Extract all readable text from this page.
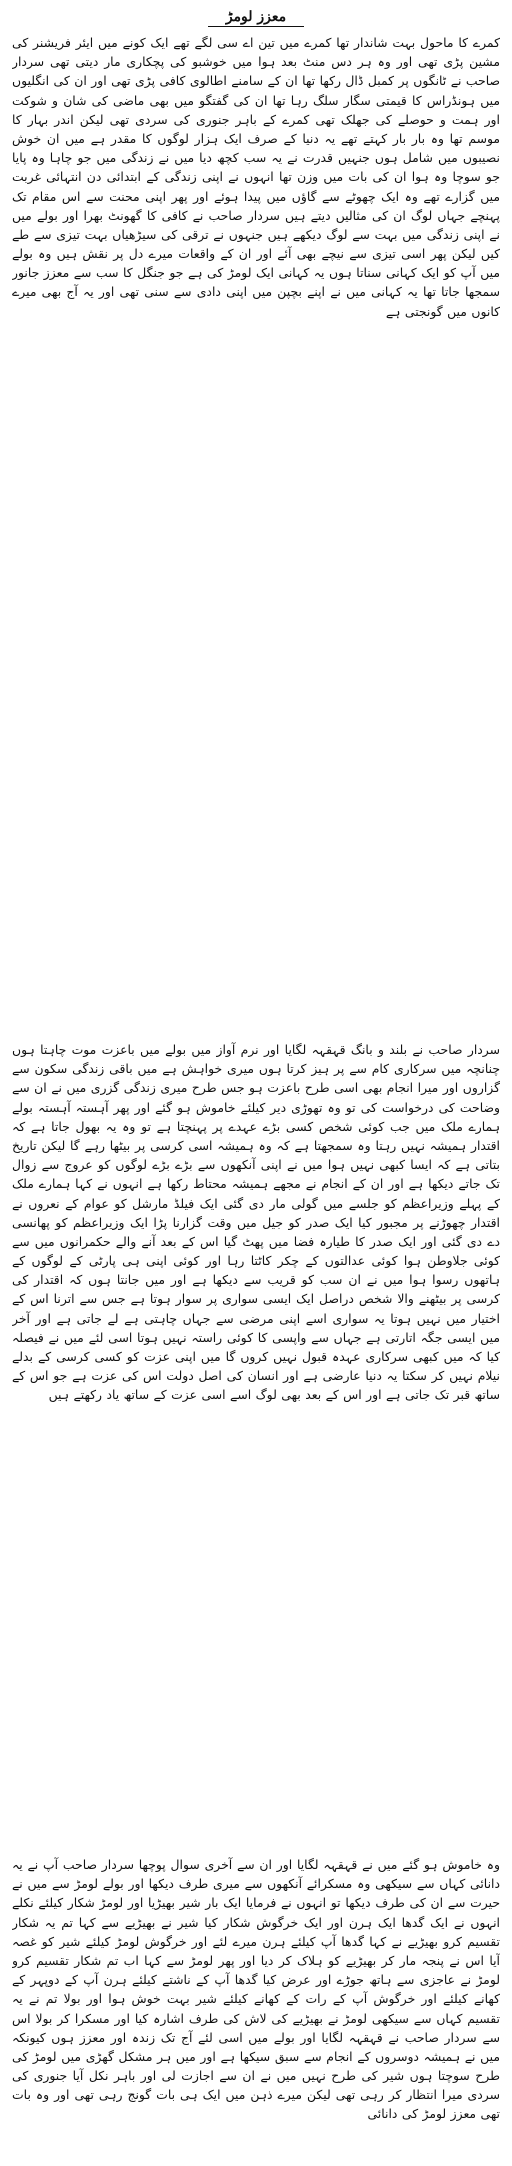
معزز لومڑ

کمرے کا ماحول بہت شاندار تھا کمرے میں تین اے سی لگے تھے ایک کونے میں ایئر فریشنر کی مشین پڑی تھی اور وہ ہر دس منٹ بعد ہوا میں خوشبو کی پچکاری مار دیتی تھی سردار صاحب نے ٹانگوں پر کمبل ڈال رکھا تھا ان کے سامنے اطالوی کافی پڑی تھی اور ان کی انگلیوں میں ہونڈراس کا قیمتی سگار سلگ رہا تھا ان کی گفتگو میں بھی ماضی کی شان و شوکت اور ہمت و حوصلے کی جھلک تھی کمرے کے باہر جنوری کی سردی تھی لیکن اندر بہار کا موسم تھا وہ بار بار کہتے تھے یہ دنیا کے صرف ایک ہزار لوگوں کا مقدر ہے میں ان خوش نصیبوں میں شامل ہوں جنہیں قدرت نے یہ سب کچھ دیا میں نے زندگی میں جو چاہا وہ پایا جو سوچا وہ ہوا ان کی بات میں وزن تھا انہوں نے اپنی زندگی کے ابتدائی دن انتہائی غربت میں گزارے تھے وہ ایک چھوٹے سے گاؤں میں پیدا ہوئے اور پھر اپنی محنت سے اس مقام تک پہنچے جہاں لوگ ان کی مثالیں دیتے ہیں سردار صاحب نے کافی کا گھونٹ بھرا اور بولے میں نے اپنی زندگی میں بہت سے لوگ دیکھے ہیں جنہوں نے ترقی کی سیڑھیاں بہت تیزی سے طے کیں لیکن پھر اسی تیزی سے نیچے بھی آئے اور ان کے واقعات میرے دل پر نقش ہیں وہ بولے میں آپ کو ایک کہانی سناتا ہوں یہ کہانی ایک لومڑ کی ہے جو جنگل کا سب سے معزز جانور سمجھا جاتا تھا یہ کہانی میں نے اپنے بچپن میں اپنی دادی سے سنی تھی اور یہ آج بھی میرے کانوں میں گونجتی ہے

سردار صاحب نے بلند و بانگ قہقہہ لگایا اور نرم آواز میں بولے میں باعزت موت چاہتا ہوں چنانچہ میں سرکاری کام سے پر ہیز کرتا ہوں میری خواہش ہے میں باقی زندگی سکون سے گزاروں اور میرا انجام بھی اسی طرح باعزت ہو جس طرح میری زندگی گزری میں نے ان سے وضاحت کی درخواست کی تو وہ تھوڑی دیر کیلئے خاموش ہو گئے اور پھر آہستہ آہستہ بولے ہمارے ملک میں جب کوئی شخص کسی بڑے عہدے پر پہنچتا ہے تو وہ یہ بھول جاتا ہے کہ اقتدار ہمیشہ نہیں رہتا وہ سمجھتا ہے کہ وہ ہمیشہ اسی کرسی پر بیٹھا رہے گا لیکن تاریخ بتاتی ہے کہ ایسا کبھی نہیں ہوا میں نے اپنی آنکھوں سے بڑے بڑے لوگوں کو عروج سے زوال تک جاتے دیکھا ہے اور ان کے انجام نے مجھے ہمیشہ محتاط رکھا ہے انہوں نے کہا ہمارے ملک کے پہلے وزیراعظم کو جلسے میں گولی مار دی گئی ایک فیلڈ مارشل کو عوام کے نعروں نے اقتدار چھوڑنے پر مجبور کیا ایک صدر کو جیل میں وقت گزارنا پڑا ایک وزیراعظم کو پھانسی دے دی گئی اور ایک صدر کا طیارہ فضا میں پھٹ گیا اس کے بعد آنے والے حکمرانوں میں سے کوئی جلاوطن ہوا کوئی عدالتوں کے چکر کاٹتا رہا اور کوئی اپنی ہی پارٹی کے لوگوں کے ہاتھوں رسوا ہوا میں نے ان سب کو قریب سے دیکھا ہے اور میں جانتا ہوں کہ اقتدار کی کرسی پر بیٹھنے والا شخص دراصل ایک ایسی سواری پر سوار ہوتا ہے جس سے اترنا اس کے اختیار میں نہیں ہوتا یہ سواری اسے اپنی مرضی سے جہاں چاہتی ہے لے جاتی ہے اور آخر میں ایسی جگہ اتارتی ہے جہاں سے واپسی کا کوئی راستہ نہیں ہوتا اسی لئے میں نے فیصلہ کیا کہ میں کبھی سرکاری عہدہ قبول نہیں کروں گا میں اپنی عزت کو کسی کرسی کے بدلے نیلام نہیں کر سکتا یہ دنیا عارضی ہے اور انسان کی اصل دولت اس کی عزت ہے جو اس کے ساتھ قبر تک جاتی ہے اور اس کے بعد بھی لوگ اسے اسی عزت کے ساتھ یاد رکھتے ہیں

وہ خاموش ہو گئے میں نے قہقہہ لگایا اور ان سے آخری سوال پوچھا سردار صاحب آپ نے یہ دانائی کہاں سے سیکھی وہ مسکرائے آنکھوں سے میری طرف دیکھا اور بولے لومڑ سے میں نے حیرت سے ان کی طرف دیکھا تو انہوں نے فرمایا ایک بار شیر بھیڑیا اور لومڑ شکار کیلئے نکلے انہوں نے ایک گدھا ایک ہرن اور ایک خرگوش شکار کیا شیر نے بھیڑیے سے کہا تم یہ شکار تقسیم کرو بھیڑیے نے کہا گدھا آپ کیلئے ہرن میرے لئے اور خرگوش لومڑ کیلئے شیر کو غصہ آیا اس نے پنجہ مار کر بھیڑیے کو ہلاک کر دیا اور پھر لومڑ سے کہا اب تم شکار تقسیم کرو لومڑ نے عاجزی سے ہاتھ جوڑے اور عرض کیا گدھا آپ کے ناشتے کیلئے ہرن آپ کے دوپہر کے کھانے کیلئے اور خرگوش آپ کے رات کے کھانے کیلئے شیر بہت خوش ہوا اور بولا تم نے یہ تقسیم کہاں سے سیکھی لومڑ نے بھیڑیے کی لاش کی طرف اشارہ کیا اور مسکرا کر بولا اس سے سردار صاحب نے قہقہہ لگایا اور بولے میں اسی لئے آج تک زندہ اور معزز ہوں کیونکہ میں نے ہمیشہ دوسروں کے انجام سے سبق سیکھا ہے اور میں ہر مشکل گھڑی میں لومڑ کی طرح سوچتا ہوں شیر کی طرح نہیں میں نے ان سے اجازت لی اور باہر نکل آیا جنوری کی سردی میرا انتظار کر رہی تھی لیکن میرے ذہن میں ایک ہی بات گونج رہی تھی اور وہ بات تھی معزز لومڑ کی دانائی
